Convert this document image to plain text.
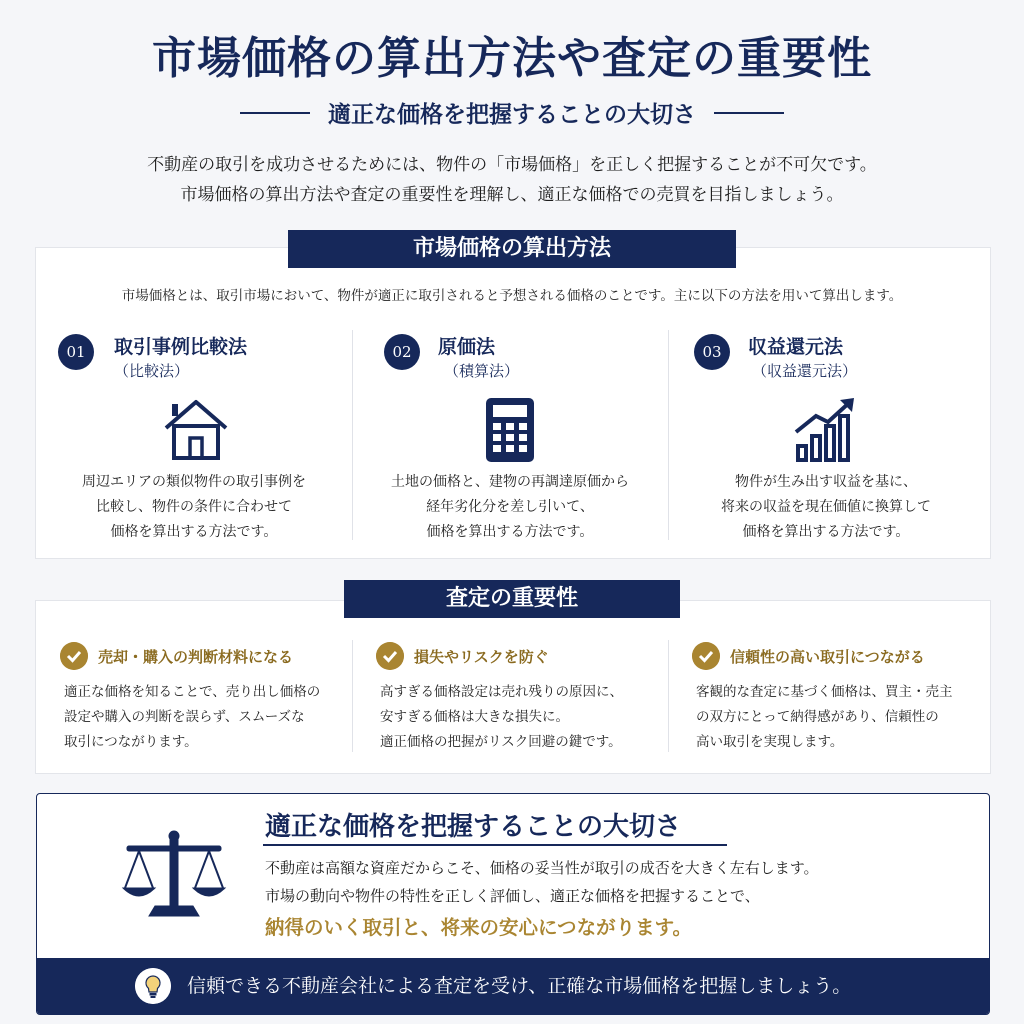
市場価格の算出方法や査定の重要性
適正な価格を把握することの大切さ
不動産の取引を成功させるためには、物件の「市場価格」を正しく把握することが不可欠です。
市場価格の算出方法や査定の重要性を理解し、適正な価格での売買を目指しましょう。
市場価格の算出方法
市場価格とは、取引市場において、物件が適正に取引されると予想される価格のことです。主に以下の方法を用いて算出します。
01	取引事例比較法
（比較法）
周辺エリアの類似物件の取引事例を
比較し、物件の条件に合わせて
価格を算出する方法です。
02	原価法
（積算法）
土地の価格と、建物の再調達原価から
経年劣化分を差し引いて、
価格を算出する方法です。
03	収益還元法
（収益還元法）
物件が生み出す収益を基に、
将来の収益を現在価値に換算して
価格を算出する方法です。
査定の重要性
売却・購入の判断材料になる
適正な価格を知ることで、売り出し価格の
設定や購入の判断を誤らず、スムーズな
取引につながります。
損失やリスクを防ぐ
高すぎる価格設定は売れ残りの原因に、
安すぎる価格は大きな損失に。
適正価格の把握がリスク回避の鍵です。
信頼性の高い取引につながる
客観的な査定に基づく価格は、買主・売主
の双方にとって納得感があり、信頼性の
高い取引を実現します。
適正な価格を把握することの大切さ
不動産は高額な資産だからこそ、価格の妥当性が取引の成否を大きく左右します。
市場の動向や物件の特性を正しく評価し、適正な価格を把握することで、
納得のいく取引と、将来の安心につながります。
信頼できる不動産会社による査定を受け、正確な市場価格を把握しましょう。
